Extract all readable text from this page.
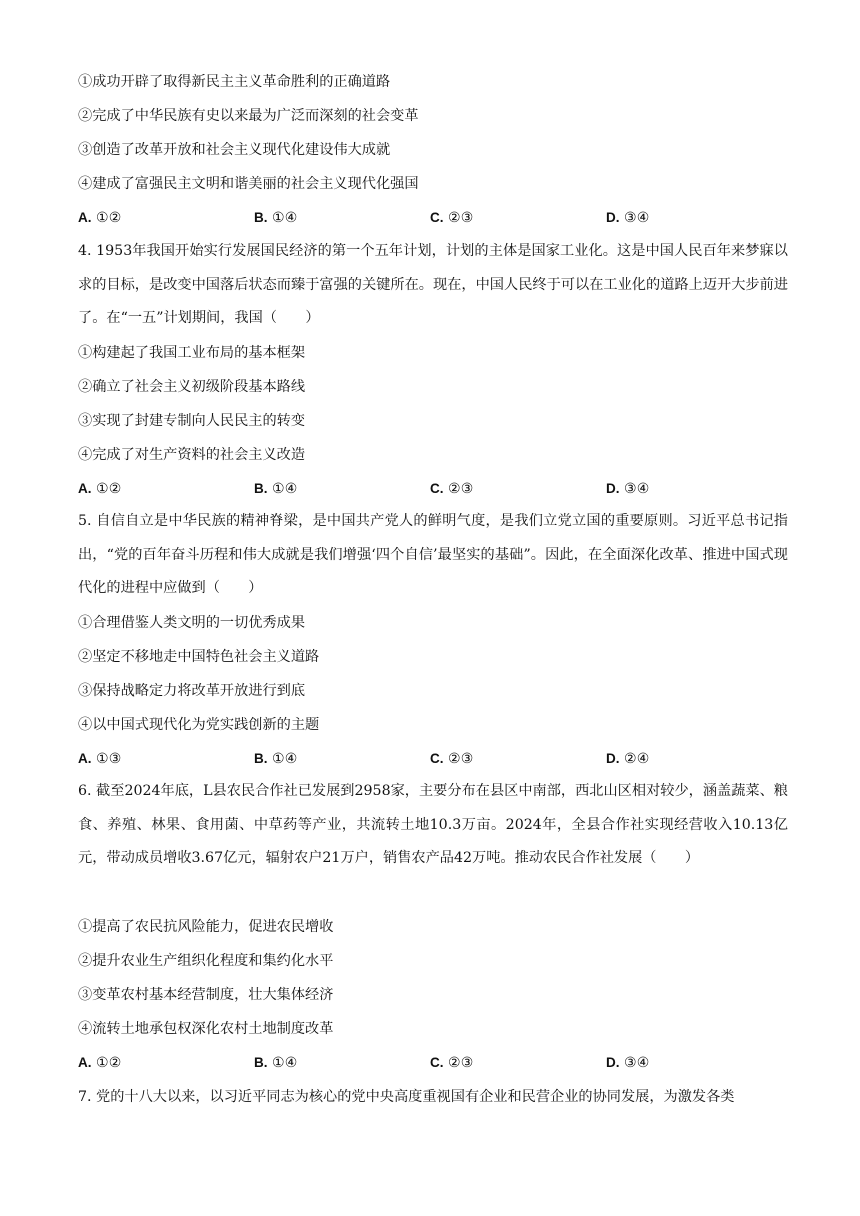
①成功开辟了取得新民主主义革命胜利的正确道路
②完成了中华民族有史以来最为广泛而深刻的社会变革
③创造了改革开放和社会主义现代化建设伟大成就
④建成了富强民主文明和谐美丽的社会主义现代化强国
A. ①②	B. ①④	C. ②③	D. ③④
4. 1953年我国开始实行发展国民经济的第一个五年计划，计划的主体是国家工业化。这是中国人民百年来梦寐以求的目标，是改变中国落后状态而臻于富强的关键所在。现在，中国人民终于可以在工业化的道路上迈开大步前进了。在“一五”计划期间，我国（　　）
①构建起了我国工业布局的基本框架
②确立了社会主义初级阶段基本路线
③实现了封建专制向人民民主的转变
④完成了对生产资料的社会主义改造
A. ①②	B. ①④	C. ②③	D. ③④
5. 自信自立是中华民族的精神脊梁，是中国共产党人的鲜明气度，是我们立党立国的重要原则。习近平总书记指出，“党的百年奋斗历程和伟大成就是我们增强‘四个自信’最坚实的基础”。因此，在全面深化改革、推进中国式现代化的进程中应做到（　　）
①合理借鉴人类文明的一切优秀成果
②坚定不移地走中国特色社会主义道路
③保持战略定力将改革开放进行到底
④以中国式现代化为党实践创新的主题
A. ①③	B. ①④	C. ②③	D. ②④
6. 截至2024年底，L县农民合作社已发展到2958家，主要分布在县区中南部，西北山区相对较少，涵盖蔬菜、粮食、养殖、林果、食用菌、中草药等产业，共流转土地10.3万亩。2024年，全县合作社实现经营收入10.13亿元，带动成员增收3.67亿元，辐射农户21万户，销售农产品42万吨。推动农民合作社发展（　　）
①提高了农民抗风险能力，促进农民增收
②提升农业生产组织化程度和集约化水平
③变革农村基本经营制度，壮大集体经济
④流转土地承包权深化农村土地制度改革
A. ①②	B. ①④	C. ②③	D. ③④
7. 党的十八大以来，以习近平同志为核心的党中央高度重视国有企业和民营企业的协同发展，为激发各类
